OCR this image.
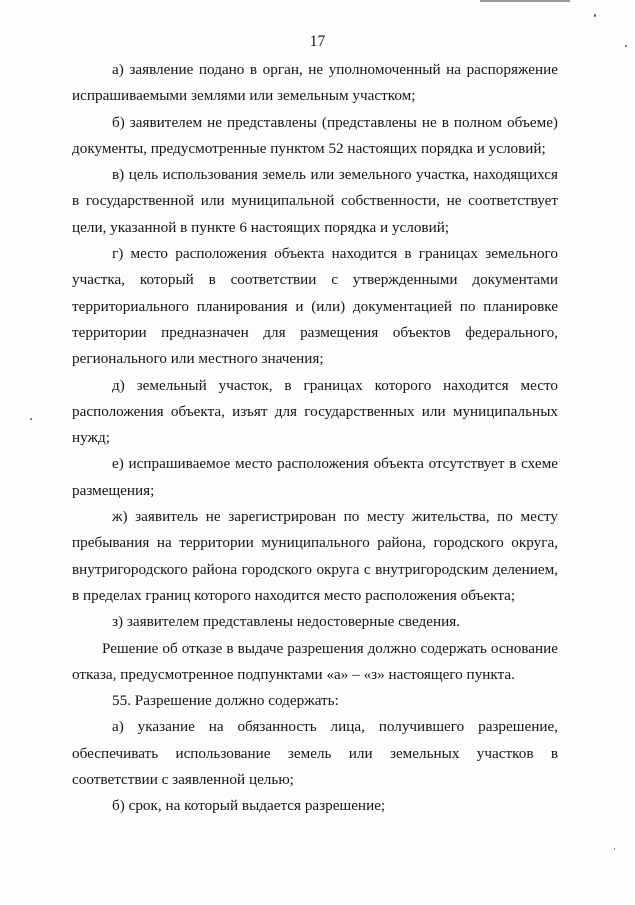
17

а) заявление подано в орган, не уполномоченный на распоряжение испрашиваемыми землями или земельным участком;

б) заявителем не представлены (представлены не в полном объеме) документы, предусмотренные пунктом 52 настоящих порядка и условий;

в) цель использования земель или земельного участка, находящихся в государственной или муниципальной собственности, не соответствует цели, указанной в пункте 6 настоящих порядка и условий;

г) место расположения объекта находится в границах земельного участка, который в соответствии с утвержденными документами территориального планирования и (или) документацией по планировке территории предназначен для размещения объектов федерального, регионального или местного значения;

д) земельный участок, в границах которого находится место расположения объекта, изъят для государственных или муниципальных нужд;

е) испрашиваемое место расположения объекта отсутствует в схеме размещения;

ж) заявитель не зарегистрирован по месту жительства, по месту пребывания на территории муниципального района, городского округа, внутригородского района городского округа с внутригородским делением, в пределах границ которого находится место расположения объекта;

з) заявителем представлены недостоверные сведения.

Решение об отказе в выдаче разрешения должно содержать основание отказа, предусмотренное подпунктами «а» – «з» настоящего пункта.

55. Разрешение должно содержать:

а) указание на обязанность лица, получившего разрешение, обеспечивать использование земель или земельных участков в соответствии с заявленной целью;

б) срок, на который выдается разрешение;
